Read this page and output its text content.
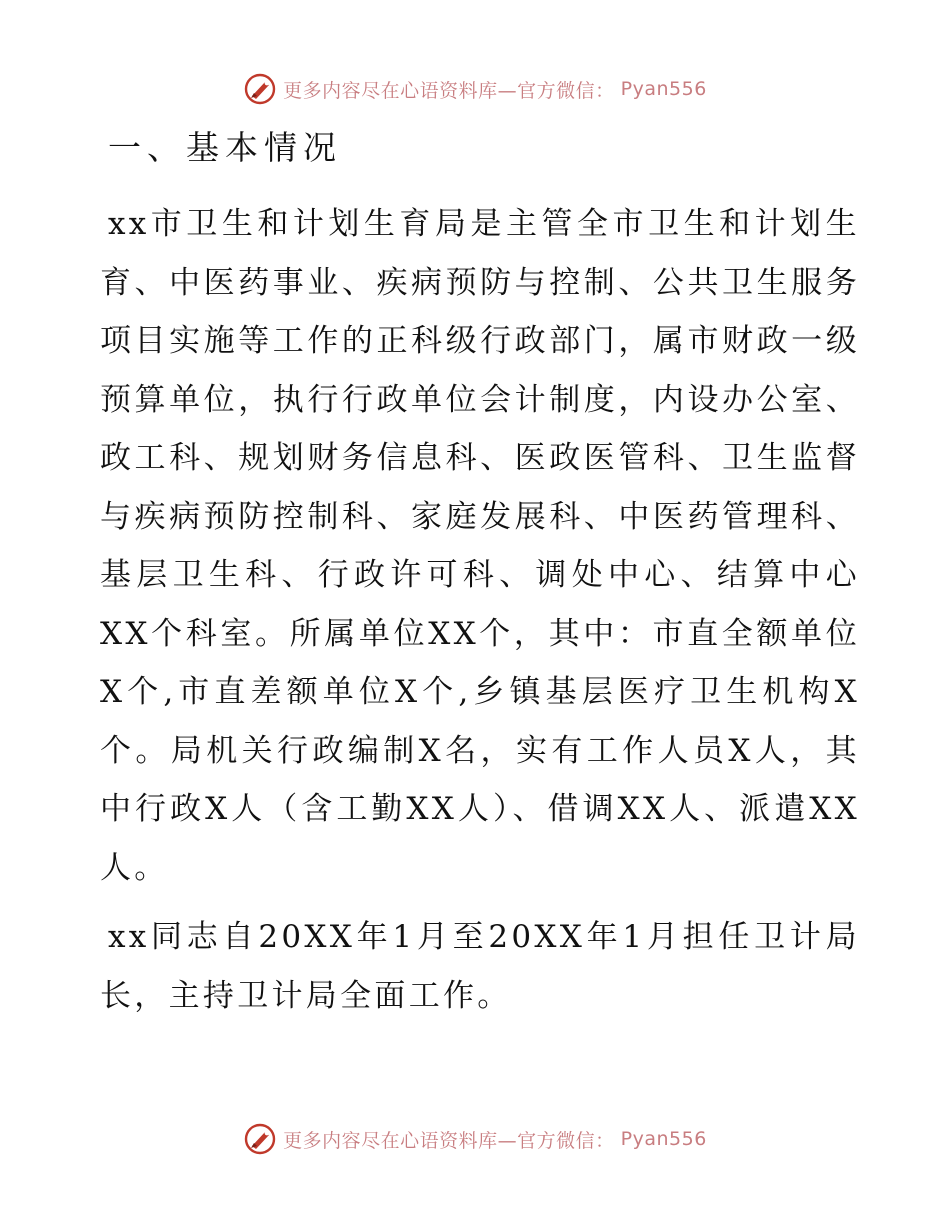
更多内容尽在心语资料库—官方微信： Pyan556
一、基本情况

xx市卫生和计划生育局是主管全市卫生和计划生育、中医药事业、疾病预防与控制、公共卫生服务项目实施等工作的正科级行政部门，属市财政一级预算单位，执行行政单位会计制度，内设办公室、政工科、规划财务信息科、医政医管科、卫生监督与疾病预防控制科、家庭发展科、中医药管理科、基层卫生科、行政许可科、调处中心、结算中心XX个科室。所属单位XX个，其中：市直全额单位X个,市直差额单位X个,乡镇基层医疗卫生机构X个。局机关行政编制X名，实有工作人员X人，其中行政X人（含工勤XX人）、借调XX人、派遣XX人。

xx同志自20XX年1月至20XX年1月担任卫计局长，主持卫计局全面工作。

更多内容尽在心语资料库—官方微信： Pyan556
